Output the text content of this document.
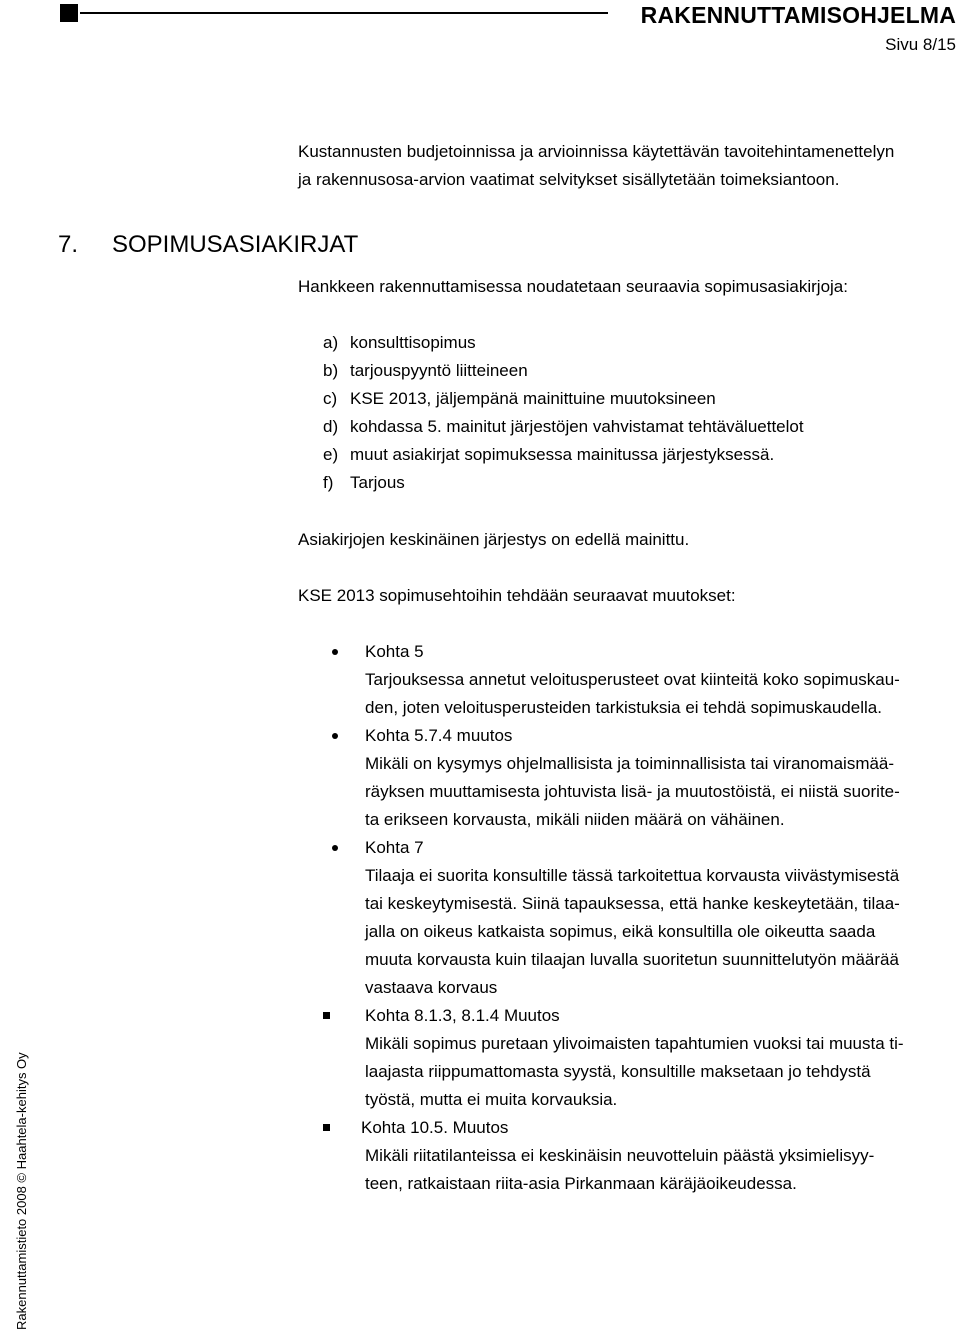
RAKENNUTTAMISOHJELMA
Sivu 8/15
Kustannusten budjetoinnissa ja arvioinnissa käytettävän tavoitehintamenettelyn
ja rakennusosa-arvion vaatimat selvitykset sisällytetään toimeksiantoon.
7. SOPIMUSASIAKIRJAT
Hankkeen rakennuttamisessa noudatetaan seuraavia sopimusasiakirjoja:
a) konsulttisopimus
b) tarjouspyyntö liitteineen
c) KSE 2013, jäljempänä mainittuine muutoksineen
d) kohdassa 5. mainitut järjestöjen vahvistamat tehtäväluettelot
e) muut asiakirjat sopimuksessa mainitussa järjestyksessä.
f) Tarjous
Asiakirjojen keskinäinen järjestys on edellä mainittu.
KSE 2013 sopimusehtoihin tehdään seuraavat muutokset:
Kohta 5
Tarjouksessa annetut veloitusperusteet ovat kiinteitä koko sopimuskau-
den, joten veloitusperusteiden tarkistuksia ei tehdä sopimuskaudella.
Kohta 5.7.4 muutos
Mikäli on kysymys ohjelmallisista ja toiminnallisista tai viranomaismää-
räyksen muuttamisesta johtuvista lisä- ja muutostöistä, ei niistä suorite-
ta erikseen korvausta, mikäli niiden määrä on vähäinen.
Kohta 7
Tilaaja ei suorita konsultille tässä tarkoitettua korvausta viivästymisestä
tai keskeytymisestä. Siinä tapauksessa, että hanke keskeytetään, tilaa-
jalla on oikeus katkaista sopimus, eikä konsultilla ole oikeutta saada
muuta korvausta kuin tilaajan luvalla suoritetun suunnittelutyön määrää
vastaava korvaus
Kohta 8.1.3, 8.1.4 Muutos
Mikäli sopimus puretaan ylivoimaisten tapahtumien vuoksi tai muusta ti-
laajasta riippumattomasta syystä, konsultille maksetaan jo tehdystä
työstä, mutta ei muita korvauksia.
Kohta 10.5. Muutos
Mikäli riitatilanteissa ei keskinäisin neuvotteluin päästä yksimielisyy-
teen, ratkaistaan riita-asia Pirkanmaan käräjäoikeudessa.
Rakennuttamistieto 2008 © Haahtela-kehitys Oy
